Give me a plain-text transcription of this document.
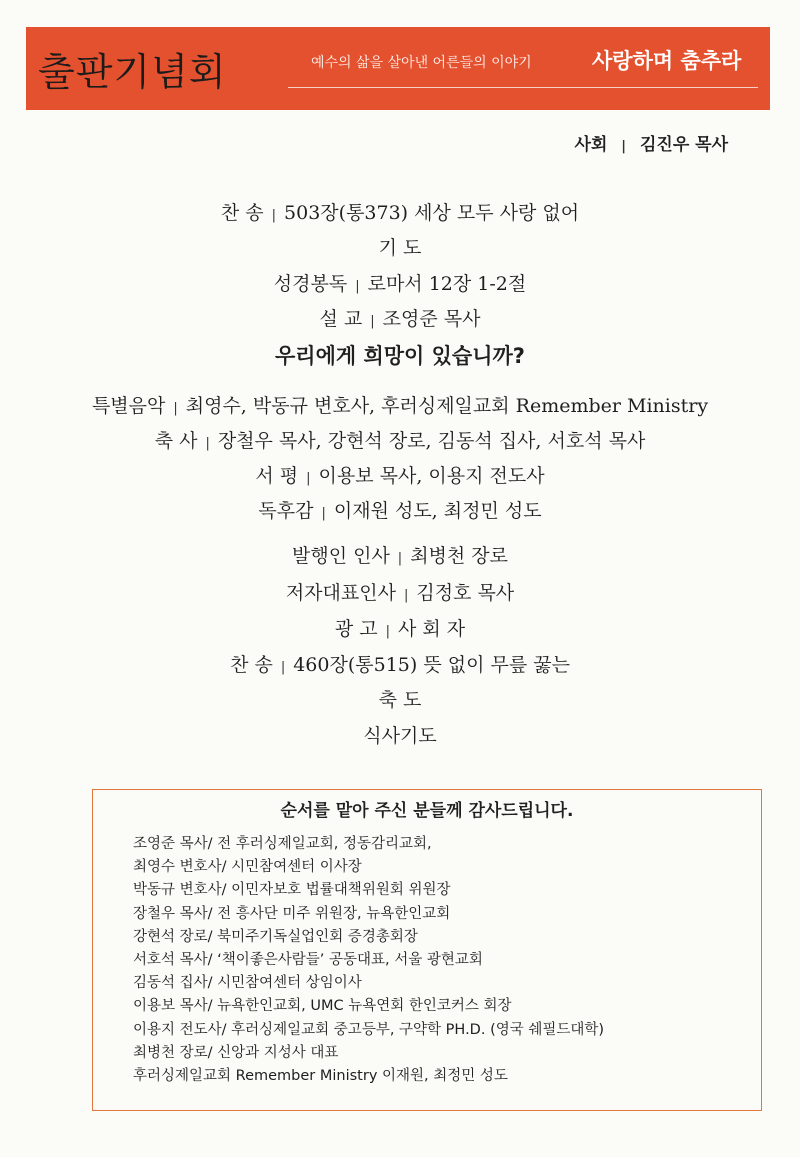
출판기념회	예수의 삶을 살아낸 어른들의 이야기	사랑하며 춤추라
사회 | 김진우 목사
찬 송 | 503장(통373) 세상 모두 사랑 없어
기 도
성경봉독 | 로마서 12장 1-2절
설 교 | 조영준 목사
우리에게 희망이 있습니까?
특별음악 | 최영수, 박동규 변호사, 후러싱제일교회 Remember Ministry
축 사 | 장철우 목사, 강현석 장로, 김동석 집사, 서호석 목사
서 평 | 이용보 목사, 이용지 전도사
독후감 | 이재원 성도, 최정민 성도
발행인 인사 | 최병천 장로
저자대표인사 | 김정호 목사
광 고 | 사 회 자
찬 송 | 460장(통515) 뜻 없이 무릎 꿇는
축 도
식사기도
순서를 맡아 주신 분들께 감사드립니다.
조영준 목사/ 전 후러싱제일교회, 정동감리교회,
최영수 변호사/ 시민참여센터 이사장
박동규 변호사/ 이민자보호 법률대책위원회 위원장
장철우 목사/ 전 흥사단 미주 위원장, 뉴욕한인교회
강현석 장로/ 북미주기독실업인회 증경총회장
서호석 목사/ ‘책이좋은사람들’ 공동대표, 서울 광현교회
김동석 집사/ 시민참여센터 상임이사
이용보 목사/ 뉴욕한인교회, UMC 뉴욕연회 한인코커스 회장
이용지 전도사/ 후러싱제일교회 중고등부, 구약학 PH.D. (영국 쉐필드대학)
최병천 장로/ 신앙과 지성사 대표
후러싱제일교회 Remember Ministry 이재원, 최정민 성도
